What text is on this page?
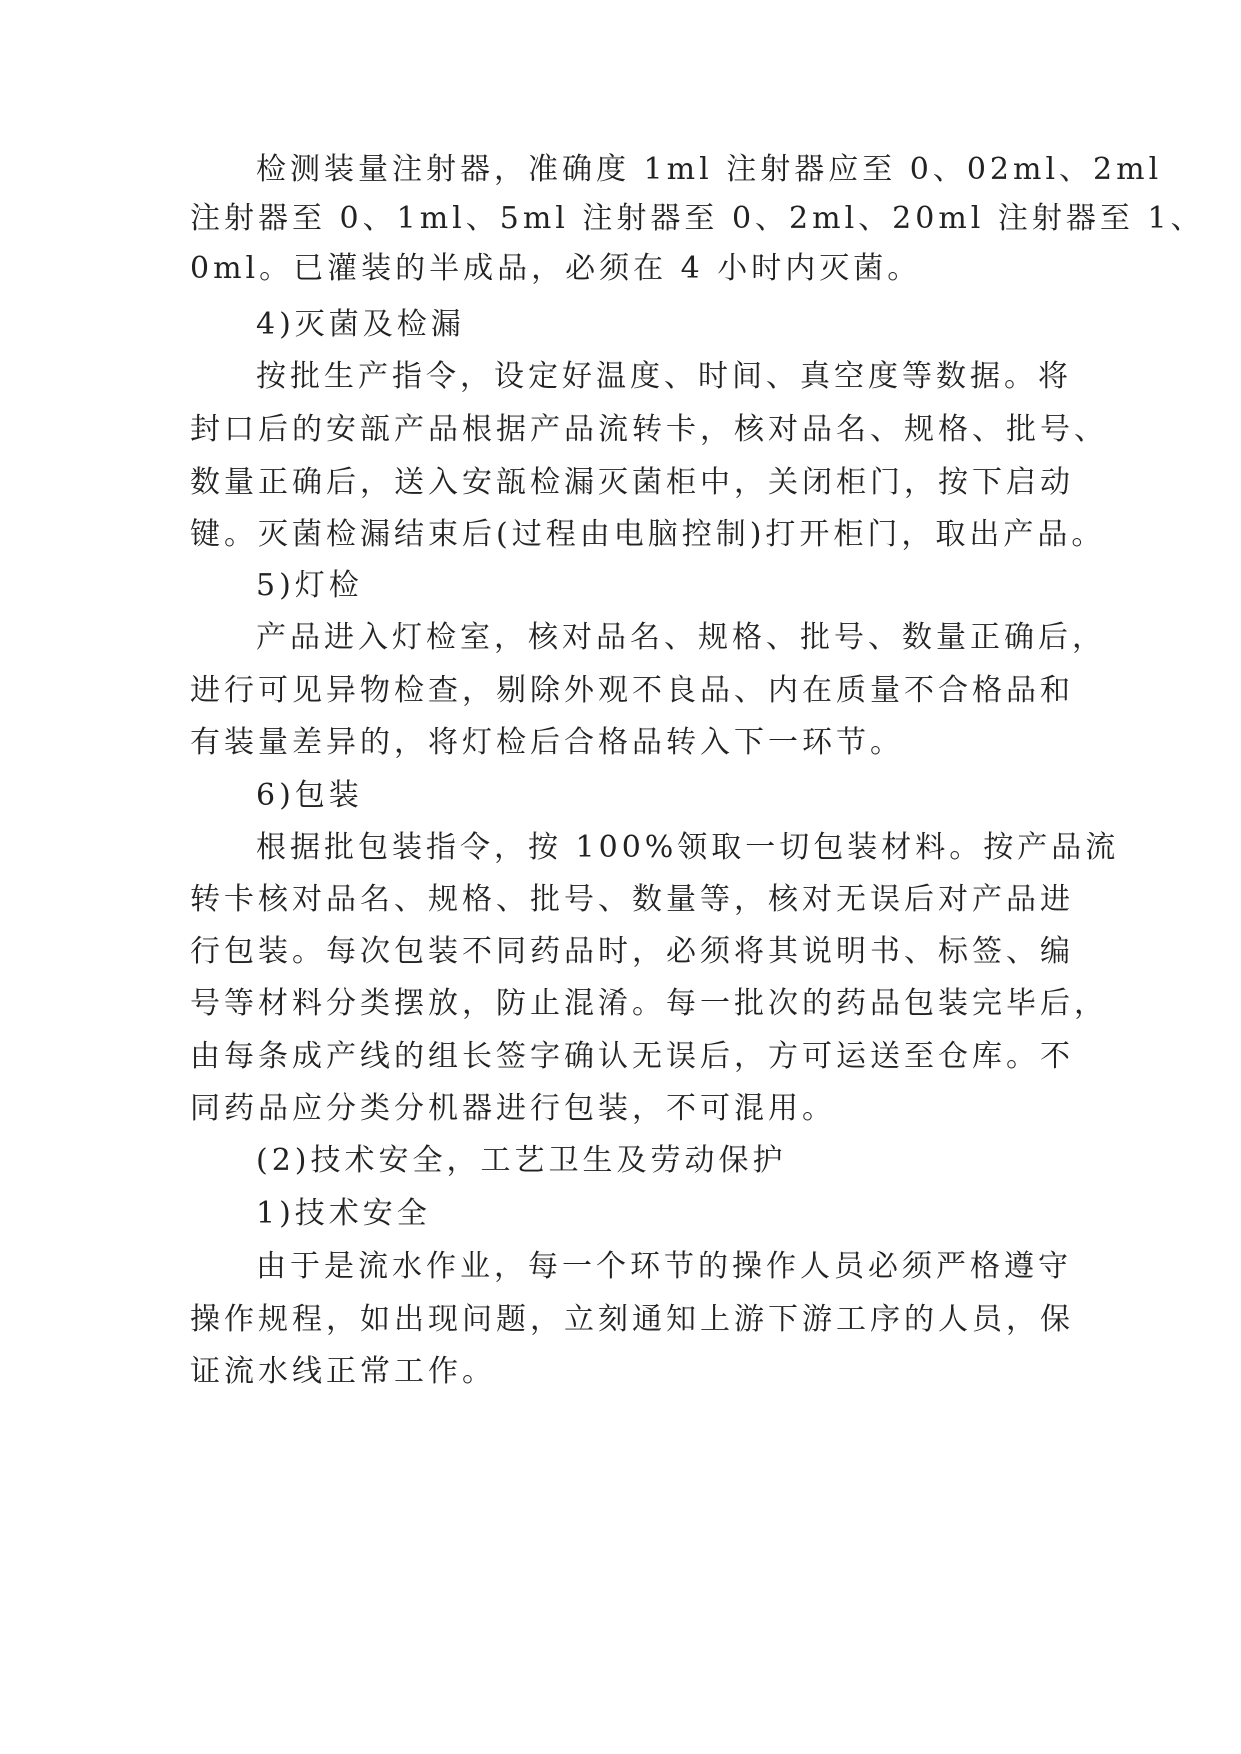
检测装量注射器，准确度 1ml 注射器应至 0、02ml、2ml
注射器至 0、1ml、5ml 注射器至 0、2ml、20ml 注射器至 1、
0ml。已灌装的半成品，必须在 4 小时内灭菌。
4)灭菌及检漏
按批生产指令，设定好温度、时间、真空度等数据。将
封口后的安瓿产品根据产品流转卡，核对品名、规格、批号、
数量正确后，送入安瓿检漏灭菌柜中，关闭柜门，按下启动
键。灭菌检漏结束后(过程由电脑控制)打开柜门，取出产品。
5)灯检
产品进入灯检室，核对品名、规格、批号、数量正确后，
进行可见异物检查，剔除外观不良品、内在质量不合格品和
有装量差异的，将灯检后合格品转入下一环节。
6)包装
根据批包装指令，按 100%领取一切包装材料。按产品流
转卡核对品名、规格、批号、数量等，核对无误后对产品进
行包装。每次包装不同药品时，必须将其说明书、标签、编
号等材料分类摆放，防止混淆。每一批次的药品包装完毕后，
由每条成产线的组长签字确认无误后，方可运送至仓库。不
同药品应分类分机器进行包装，不可混用。
(2)技术安全，工艺卫生及劳动保护
1)技术安全
由于是流水作业，每一个环节的操作人员必须严格遵守
操作规程，如出现问题，立刻通知上游下游工序的人员，保
证流水线正常工作。
